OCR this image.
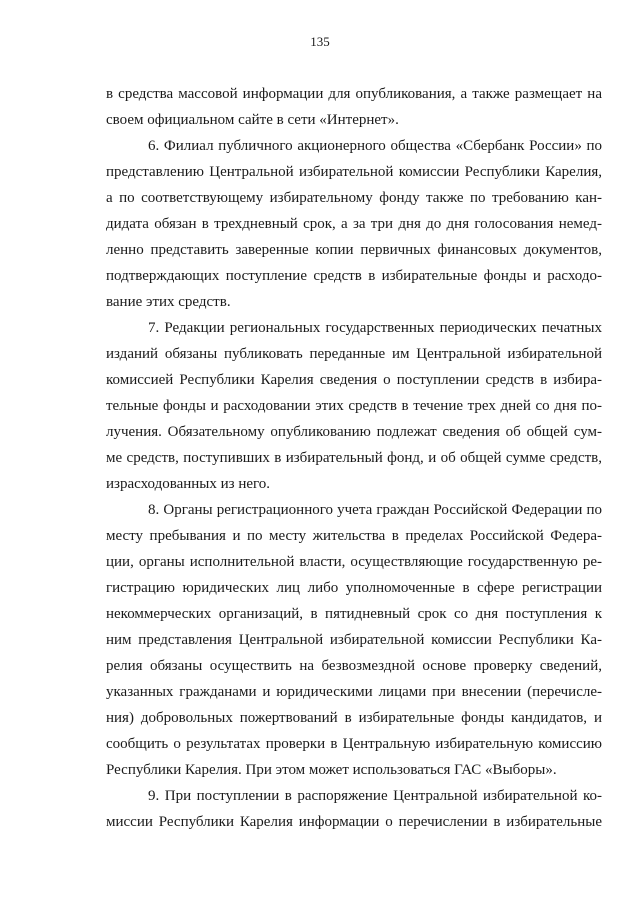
135
в средства массовой информации для опубликования, а также размещает на
своем официальном сайте в сети «Интернет».
6. Филиал публичного акционерного общества «Сбербанк России» по
представлению Центральной избирательной комиссии Республики Карелия,
а по соответствующему избирательному фонду также по требованию кан-
дидата обязан в трехдневный срок, а за три дня до дня голосования немед-
ленно представить заверенные копии первичных финансовых документов,
подтверждающих поступление средств в избирательные фонды и расходо-
вание этих средств.
7. Редакции региональных государственных периодических печатных
изданий обязаны публиковать переданные им Центральной избирательной
комиссией Республики Карелия сведения о поступлении средств в избира-
тельные фонды и расходовании этих средств в течение трех дней со дня по-
лучения. Обязательному опубликованию подлежат сведения об общей сум-
ме средств, поступивших в избирательный фонд, и об общей сумме средств,
израсходованных из него.
8. Органы регистрационного учета граждан Российской Федерации по
месту пребывания и по месту жительства в пределах Российской Федера-
ции, органы исполнительной власти, осуществляющие государственную ре-
гистрацию юридических лиц либо уполномоченные в сфере регистрации
некоммерческих организаций, в пятидневный срок со дня поступления к
ним представления Центральной избирательной комиссии Республики Ка-
релия обязаны осуществить на безвозмездной основе проверку сведений,
указанных гражданами и юридическими лицами при внесении (перечисле-
ния) добровольных пожертвований в избирательные фонды кандидатов, и
сообщить о результатах проверки в Центральную избирательную комиссию
Республики Карелия. При этом может использоваться ГАС «Выборы».
9. При поступлении в распоряжение Центральной избирательной ко-
миссии Республики Карелия информации о перечислении в избирательные
